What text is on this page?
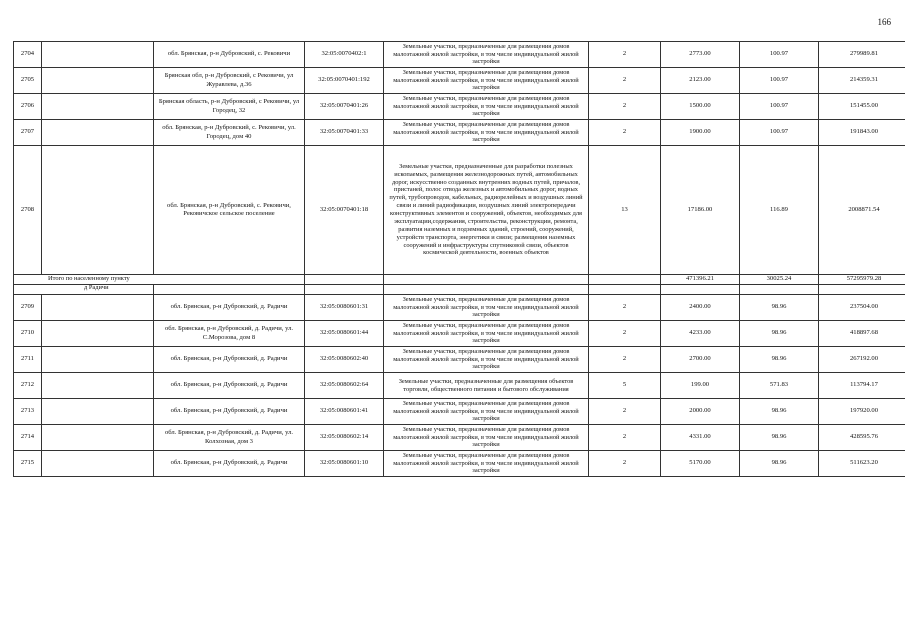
166
2704		обл. Брянская, р-н Дубровский, с. Рековичи	32:05:0070402:1	Земельные участки, предназначенные для размещения домов малоэтажной жилой застройки, в том числе индивидуальной жилой застройки	2	2773.00	100.97	279989.81
2705		Брянская обл, р-н Дубровский, с Рековичи, ул Журавлева, д.36	32:05:0070401:192	Земельные участки, предназначенные для размещения домов малоэтажной жилой застройки, в том числе индивидуальной жилой застройки	2	2123.00	100.97	214359.31
2706		Брянская область, р-н Дубровский, с Рековичи, ул Городец, 32	32:05:0070401:26	Земельные участки, предназначенные для размещения домов малоэтажной жилой застройки, в том числе индивидуальной жилой застройки	2	1500.00	100.97	151455.00
2707		обл. Брянская, р-н Дубровский, с. Рековичи, ул. Городец, дом 40	32:05:0070401:33	Земельные участки, предназначенные для размещения домов малоэтажной жилой застройки, в том числе индивидуальной жилой застройки	2	1900.00	100.97	191843.00
2708		обл. Брянская, р-н Дубровский, с. Рековичи, Рековичское сельское поселение	32:05:0070401:18	Земельные участки, предназначенные для разработки полезных ископаемых, размещения железнодорожных путей, автомобильных дорог, искусственно созданных внутренних водных путей, причалов, пристаней, полос отвода железных и автомобильных дорог, водных путей, трубопроводов, кабельных, радиорелейных и воздушных линий связи и линий радиофикации, воздушных линий электропередачи конструктивных элементов и сооружений, объектов, необходимых для эксплуатации,содержания, строительства, реконструкции, ремонта, развития наземных и подземных зданий, строений, сооружений, устройств транспорта, энергетики и связи; размещения наземных сооружений и инфраструктуры спутниковой связи, объектов космической деятельности, военных объектов	13	17186.00	116.89	2008871.54
Итого по населенному пункту						471396.21	30025.24	57295979.28
д Радичи								
2709		обл. Брянская, р-н Дубровский, д. Радичи	32:05:0080601:31	Земельные участки, предназначенные для размещения домов малоэтажной жилой застройки, в том числе индивидуальной жилой застройки	2	2400.00	98.96	237504.00
2710		обл. Брянская, р-н Дубровский, д. Радичи, ул. С.Морозова, дом 8	32:05:0080601:44	Земельные участки, предназначенные для размещения домов малоэтажной жилой застройки, в том числе индивидуальной жилой застройки	2	4233.00	98.96	418897.68
2711		обл. Брянская, р-н Дубровский, д. Радичи	32:05:0080602:40	Земельные участки, предназначенные для размещения домов малоэтажной жилой застройки, в том числе индивидуальной жилой застройки	2	2700.00	98.96	267192.00
2712		обл. Брянская, р-н Дубровский, д. Радичи	32:05:0080602:64	Земельные участки, предназначенные для размещения объектов торговли, общественного питания и бытового обслуживания	5	199.00	571.83	113794.17
2713		обл. Брянская, р-н Дубровский, д. Радичи	32:05:0080601:41	Земельные участки, предназначенные для размещения домов малоэтажной жилой застройки, в том числе индивидуальной жилой застройки	2	2000.00	98.96	197920.00
2714		обл. Брянская, р-н Дубровский, д. Радичи, ул. Колхозная, дом 3	32:05:0080602:14	Земельные участки, предназначенные для размещения домов малоэтажной жилой застройки, в том числе индивидуальной жилой застройки	2	4331.00	98.96	428595.76
2715		обл. Брянская, р-н Дубровский, д. Радичи	32:05:0080601:10	Земельные участки, предназначенные для размещения домов малоэтажной жилой застройки, в том числе индивидуальной жилой застройки	2	5170.00	98.96	511623.20
